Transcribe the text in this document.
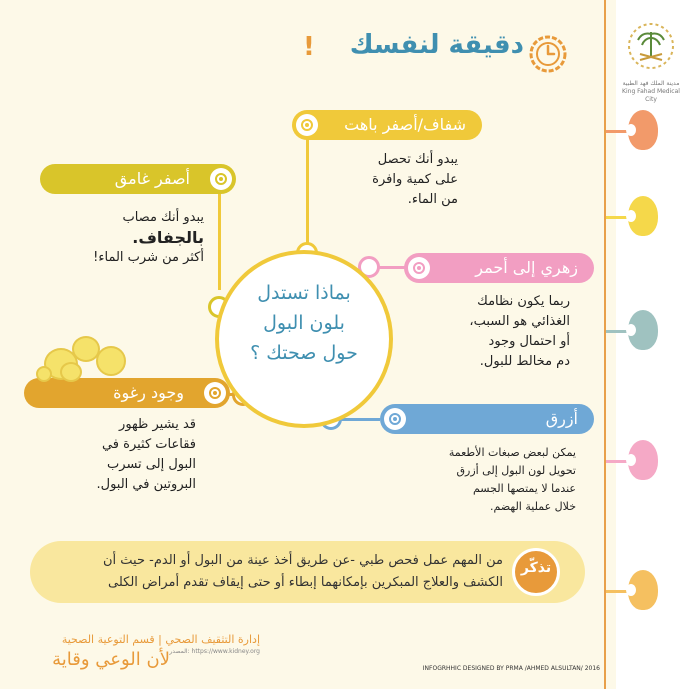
مدينة الملك فهد الطبية
King Fahad Medical City
دقيقة لنفسك
!
بماذا تستدل
بلون البول
حول صحتك ؟
شفاف/أصفر باهت
أصفر غامق
زهري إلى أحمر
وجود رغوة
أزرق
يبدو أنك تحصل
على كمية وافرة
من الماء.
يبدو أنك مصاب
بالجفاف.
أكثر من شرب الماء!
ربما يكون نظامك
الغذائي هو السبب،
أو احتمال وجود
دم مخالط للبول.
قد يشير ظهور
فقاعات كثيرة في
البول إلى تسرب
البروتين في البول.
يمكن لبعض صبغات الأطعمة
تحويل لون البول إلى أزرق
عندما لا يمتصها الجسم
خلال عملية الهضم.
من المهم عمل فحص طبي -عن طريق أخذ عينة من البول أو الدم- حيث أن
الكشف والعلاج المبكرين بإمكانهما إبطاء أو حتى إيقاف تقدم أمراض الكلى
تذكّر
إدارة التثقيف الصحي | قسم التوعية الصحية
المصدر: https://www.kidney.org
لأن الوعي وقاية	INFOGRHHIC DESIGNED BY PRMA /AHMED ALSULTAN/ 2016
